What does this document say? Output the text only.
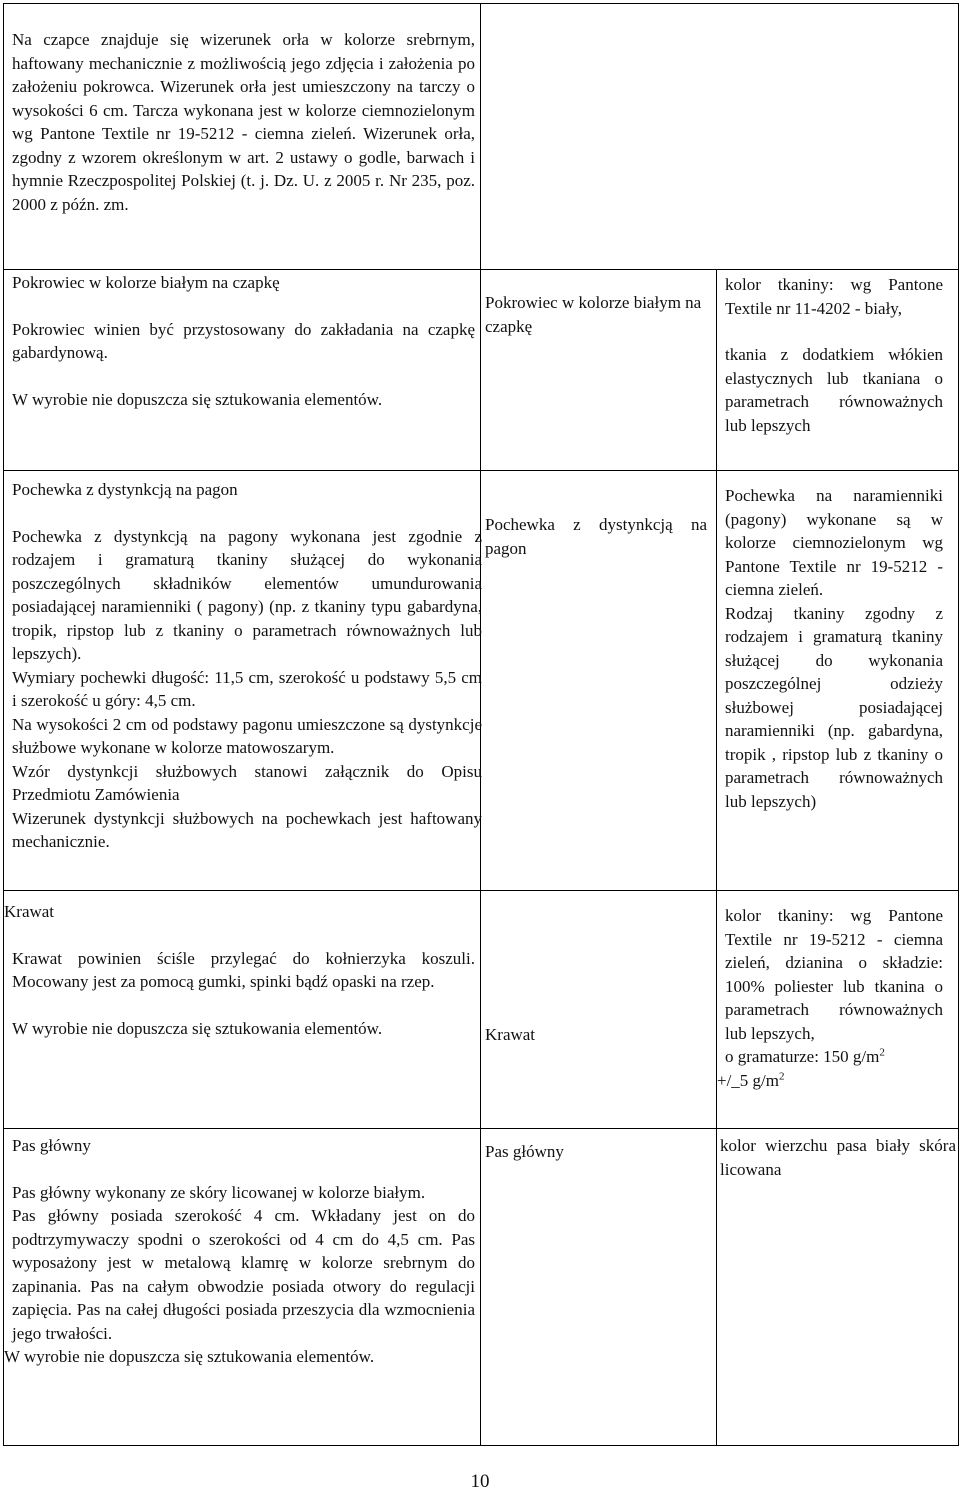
Na czapce znajduje się wizerunek orła w kolorze srebrnym, haftowany mechanicznie z możliwością jego zdjęcia i założenia po założeniu pokrowca. Wizerunek orła jest umieszczony na tarczy o wysokości 6 cm. Tarcza wykonana jest w kolorze ciemnozielonym wg Pantone Textile nr 19-5212 - ciemna zieleń. Wizerunek orła, zgodny z wzorem określonym w art. 2 ustawy o godle, barwach i hymnie Rzeczpospolitej Polskiej (t. j. Dz. U. z 2005 r. Nr 235, poz. 2000 z późn. zm.

Pokrowiec w kolorze białym na czapkę

Pokrowiec winien być przystosowany do zakładania na czapkę gabardynową.

W wyrobie nie dopuszcza się sztukowania elementów.

Pokrowiec w kolorze białym na czapkę

kolor tkaniny: wg Pantone Textile nr 11-4202 - biały,

tkania z dodatkiem włókien elastycznych lub tkaniana o parametrach równoważnych lub lepszych

Pochewka z dystynkcją na pagon

Pochewka z dystynkcją na pagony wykonana jest zgodnie z rodzajem i gramaturą tkaniny służącej do wykonania poszczególnych składników elementów umundurowania posiadającej naramienniki ( pagony) (np. z tkaniny typu gabardyna, tropik, ripstop lub z tkaniny o parametrach równoważnych lub lepszych).

Wymiary pochewki długość: 11,5 cm, szerokość u podstawy 5,5 cm i szerokość u góry: 4,5 cm.

Na wysokości 2 cm od podstawy pagonu umieszczone są dystynkcje służbowe wykonane w kolorze matowoszarym.

Wzór dystynkcji służbowych stanowi załącznik do Opisu Przedmiotu Zamówienia

Wizerunek dystynkcji służbowych na pochewkach jest haftowany mechanicznie.

Pochewka z dystynkcją na pagon

Pochewka na naramienniki (pagony) wykonane są w kolorze ciemnozielonym wg Pantone Textile nr 19-5212 - ciemna zieleń.

Rodzaj tkaniny zgodny z rodzajem i gramaturą tkaniny służącej do wykonania poszczególnej odzieży służbowej posiadającej naramienniki (np. gabardyna, tropik , ripstop lub z tkaniny o parametrach równoważnych lub lepszych)

Krawat

Krawat powinien ściśle przylegać do kołnierzyka koszuli. Mocowany jest za pomocą gumki, spinki bądź opaski na rzep.

W wyrobie nie dopuszcza się sztukowania elementów.	Krawat

kolor tkaniny: wg Pantone Textile nr 19-5212 - ciemna zieleń, dzianina o składzie: 100% poliester lub tkanina o parametrach równoważnych lub lepszych,

o gramaturze: 150 $g/m^2$

+/_5 $g/m^2$

Pas główny

Pas główny wykonany ze skóry licowanej w kolorze białym.

Pas główny posiada szerokość 4 cm. Wkładany jest on do podtrzymywaczy spodni o szerokości od 4 cm do 4,5 cm. Pas wyposażony jest w metalową klamrę w kolorze srebrnym do zapinania. Pas na całym obwodzie posiada otwory do regulacji zapięcia. Pas na całej długości posiada przeszycia dla wzmocnienia jego trwałości.

W wyrobie nie dopuszcza się sztukowania elementów.

Pas główny	kolor wierzchu pasa biały skóra licowana

10
